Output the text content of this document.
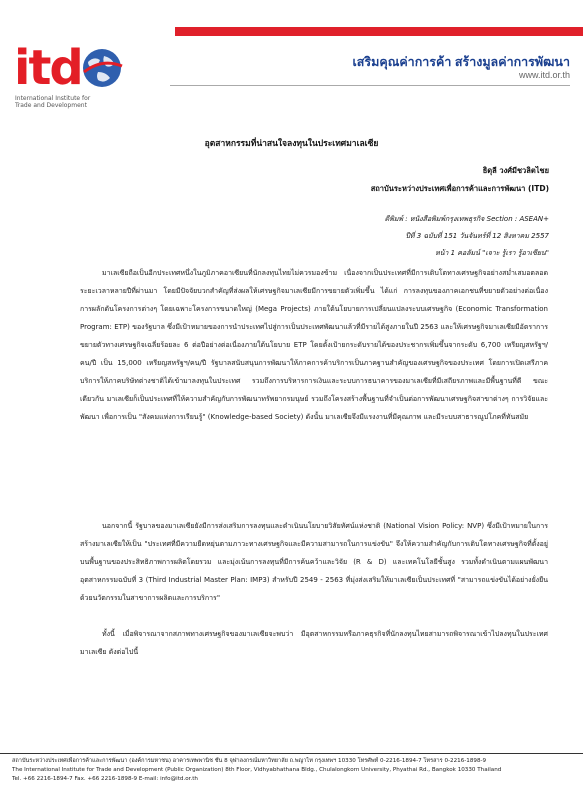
itd
International Institute for
Trade and Development
เสริมคุณค่าการค้า สร้างมูลค่าการพัฒนา
www.itd.or.th
อุตสาหกรรมที่น่าสนใจลงทุนในประเทศมาเลเซีย
ธิดุลี วงศ์มีชวลิตไชย
สถาบันระหว่างประเทศเพื่อการค้าและการพัฒนา (ITD)
ตีพิมพ์ : หนังสือพิมพ์กรุงเทพธุรกิจ Section : ASEAN+
ปีที่ 3 ฉบับที่ 151 วันจันทร์ที่ 12 สิงหาคม 2557
หน้า 1 คอลัมน์ "เจาะ รู้เรา รู้อาเซียน"
มาเลเซียถือเป็นอีกประเทศหนึ่งในภูมิภาคอาเซียนที่นักลงทุนไทยไม่ควรมองข้าม เนื่องจากเป็นประเทศที่มีการเติบโตทางเศรษฐกิจอย่างสม่ำเสมอตลอดระยะเวลาหลายปีที่ผ่านมา โดยมีปัจจัยบวกสำคัญที่ส่งผลให้เศรษฐกิจมาเลเซียมีการขยายตัวเพิ่มขึ้น ได้แก่ การลงทุนของภาคเอกชนที่ขยายตัวอย่างต่อเนื่อง การผลักดันโครงการต่างๆ โดยเฉพาะโครงการขนาดใหญ่ (Mega Projects) ภายใต้นโยบายการเปลี่ยนแปลงระบบเศรษฐกิจ (Economic Transformation Program: ETP) ของรัฐบาล ซึ่งมีเป้าหมายของการนำประเทศไปสู่การเป็นประเทศพัฒนาแล้วที่มีรายได้สูงภายในปี 2563 และให้เศรษฐกิจมาเลเซียมีอัตราการขยายตัวทางเศรษฐกิจเฉลี่ยร้อยละ 6 ต่อปีอย่างต่อเนื่องภายใต้นโยบาย ETP โดยตั้งเป้ายกระดับรายได้ของประชากรเพิ่มขึ้นจากระดับ 6,700 เหรียญสหรัฐฯ/คน/ปี เป็น 15,000 เหรียญสหรัฐฯ/คน/ปี รัฐบาลสนับสนุนการพัฒนาให้ภาคการค้าบริการเป็นภาคฐานสำคัญของเศรษฐกิจของประเทศ โดยการเปิดเสรีภาคบริการให้ภาคบริษัทต่างชาติได้เข้ามาลงทุนในประเทศ รวมถึงการบริหารการเงินและระบบการธนาคารของมาเลเซียที่มีเสถียรภาพและมีพื้นฐานที่ดี ขณะเดียวกัน มาเลเซียก็เป็นประเทศที่ให้ความสำคัญกับการพัฒนาทรัพยากรมนุษย์ รวมถึงโครงสร้างพื้นฐานที่จำเป็นต่อการพัฒนาเศรษฐกิจสาขาต่างๆ การวิจัยและพัฒนา เพื่อการเป็น "สังคมแห่งการเรียนรู้" (Knowledge-based Society) ดังนั้น มาเลเซียจึงมีแรงงานที่มีคุณภาพ และมีระบบสาธารณูปโภคที่ทันสมัย
นอกจากนี้ รัฐบาลของมาเลเซียยังมีการส่งเสริมการลงทุนและดำเนินนโยบายวิสัยทัศน์แห่งชาติ (National Vision Policy: NVP) ซึ่งมีเป้าหมายในการสร้างมาเลเซียให้เป็น "ประเทศที่มีความยืดหยุ่นตามภาวะทางเศรษฐกิจและมีความสามารถในการแข่งขัน" จึงให้ความสำคัญกับการเติบโตทางเศรษฐกิจที่ตั้งอยู่บนพื้นฐานของประสิทธิภาพการผลิตโดยรวม และมุ่งเน้นการลงทุนที่มีการค้นคว้าและวิจัย (R & D) และเทคโนโลยีชั้นสูง รวมทั้งดำเนินตามแผนพัฒนาอุตสาหกรรมฉบับที่ 3 (Third Industrial Master Plan: IMP3) สำหรับปี 2549 - 2563 ที่มุ่งส่งเสริมให้มาเลเซียเป็นประเทศที่ "สามารถแข่งขันได้อย่างยั่งยืนด้วยนวัตกรรมในสาขาการผลิตและการบริการ"
ทั้งนี้ เมื่อพิจารณาจากสภาพทางเศรษฐกิจของมาเลเซียจะพบว่า มีอุตสาหกรรมหรือภาคธุรกิจที่นักลงทุนไทยสามารถพิจารณาเข้าไปลงทุนในประเทศมาเลเซีย ดังต่อไปนี้
สถาบันระหว่างประเทศเพื่อการค้าและการพัฒนา (องค์การมหาชน) อาคารเทพพานิช ชั้น 8 จุฬาลงกรณ์มหาวิทยาลัย ถ.พญาไท กรุงเทพฯ 10330 โทรศัพท์ 0-2216-1894-7 โทรสาร 0-2216-1898-9
The International Institute for Trade and Development (Public Organization) 8th Floor, Vidhyabhathana Bldg., Chulalongkorn University, Phyathai Rd., Bangkok 10330 Thailand
Tel. +66 2216-1894-7 Fax. +66 2216-1898-9 E-mail: info@itd.or.th
